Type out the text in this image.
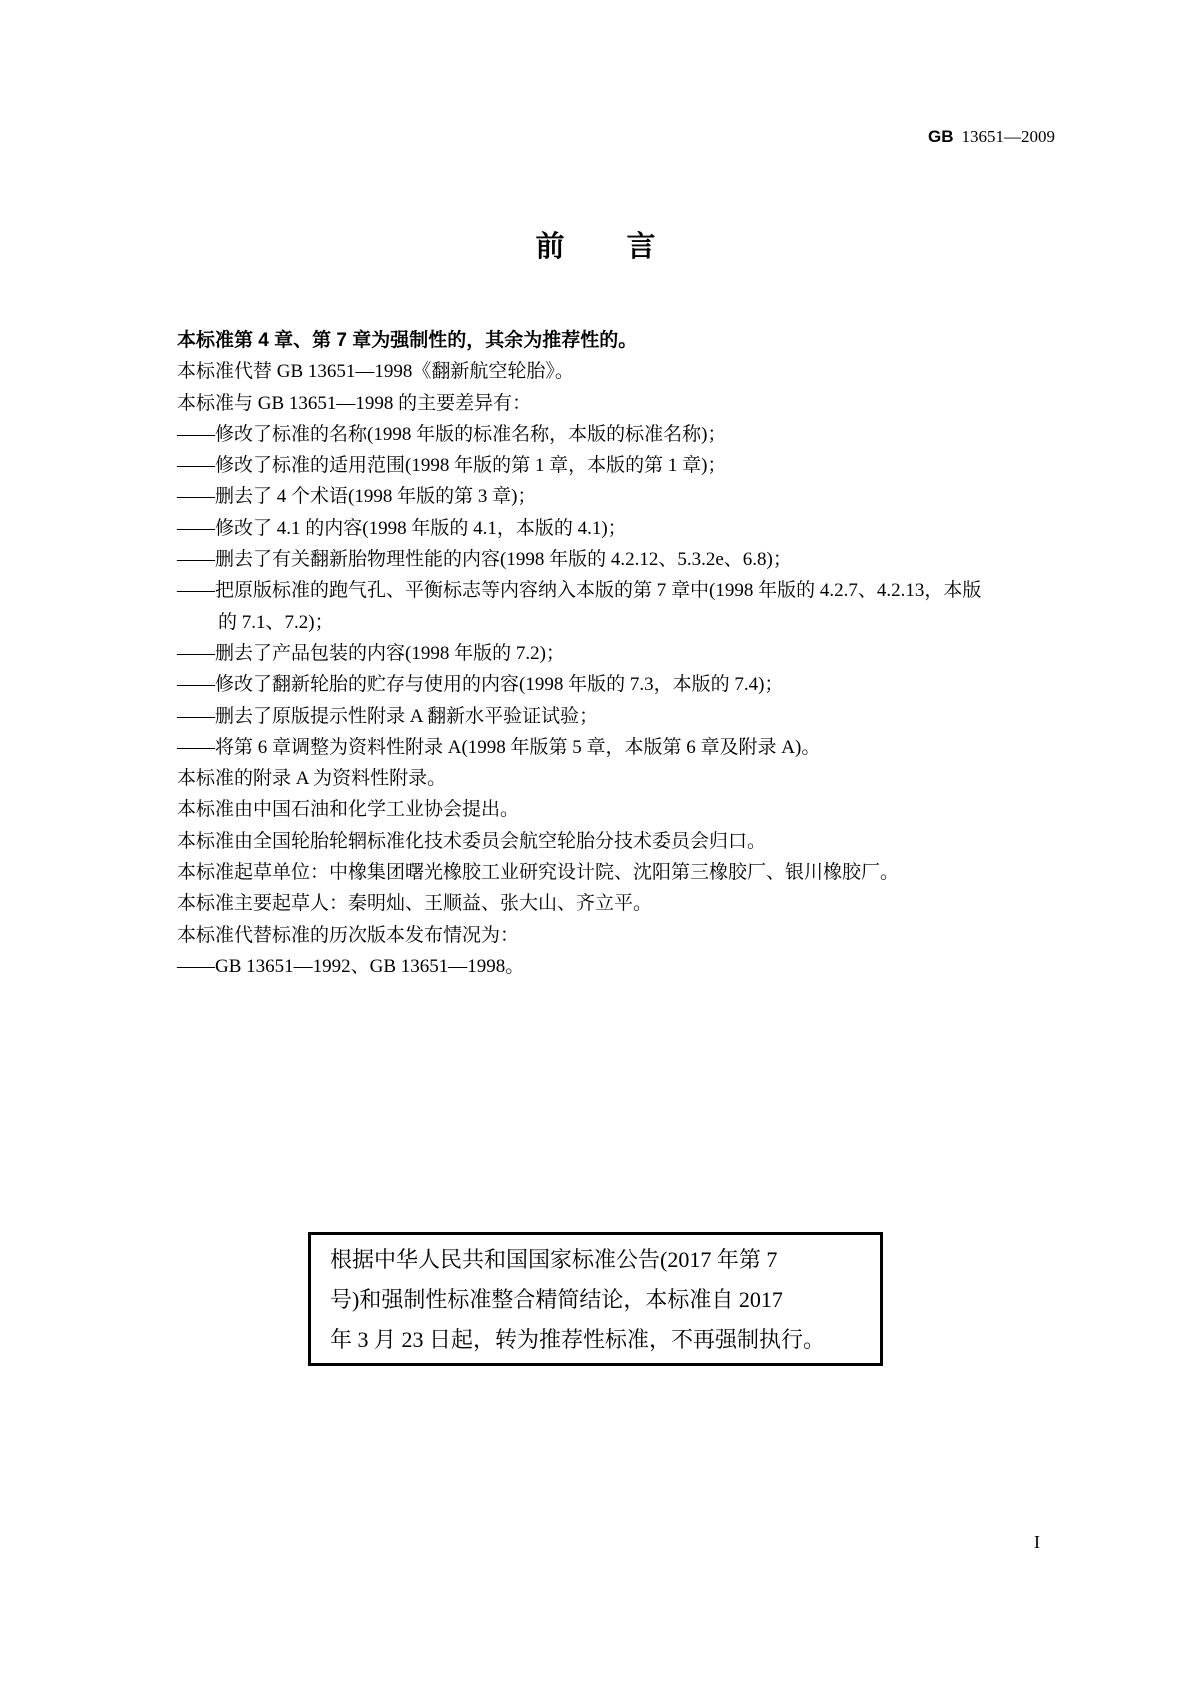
GB 13651—2009
前言
本标准第 4 章、第 7 章为强制性的，其余为推荐性的。
本标准代替 GB 13651—1998《翻新航空轮胎》。
本标准与 GB 13651—1998 的主要差异有：
——修改了标准的名称(1998 年版的标准名称，本版的标准名称)；
——修改了标准的适用范围(1998 年版的第 1 章，本版的第 1 章)；
——删去了 4 个术语(1998 年版的第 3 章)；
——修改了 4.1 的内容(1998 年版的 4.1，本版的 4.1)；
——删去了有关翻新胎物理性能的内容(1998 年版的 4.2.12、5.3.2e、6.8)；
——把原版标准的跑气孔、平衡标志等内容纳入本版的第 7 章中(1998 年版的 4.2.7、4.2.13，本版
的 7.1、7.2)；
——删去了产品包装的内容(1998 年版的 7.2)；
——修改了翻新轮胎的贮存与使用的内容(1998 年版的 7.3，本版的 7.4)；
——删去了原版提示性附录 A 翻新水平验证试验；
——将第 6 章调整为资料性附录 A(1998 年版第 5 章，本版第 6 章及附录 A)。
本标准的附录 A 为资料性附录。
本标准由中国石油和化学工业协会提出。
本标准由全国轮胎轮辋标准化技术委员会航空轮胎分技术委员会归口。
本标准起草单位：中橡集团曙光橡胶工业研究设计院、沈阳第三橡胶厂、银川橡胶厂。
本标准主要起草人：秦明灿、王顺益、张大山、齐立平。
本标准代替标准的历次版本发布情况为：
——GB 13651—1992、GB 13651—1998。
根据中华人民共和国国家标准公告(2017 年第 7
号)和强制性标准整合精简结论，本标准自 2017
年 3 月 23 日起，转为推荐性标准，不再强制执行。
I
